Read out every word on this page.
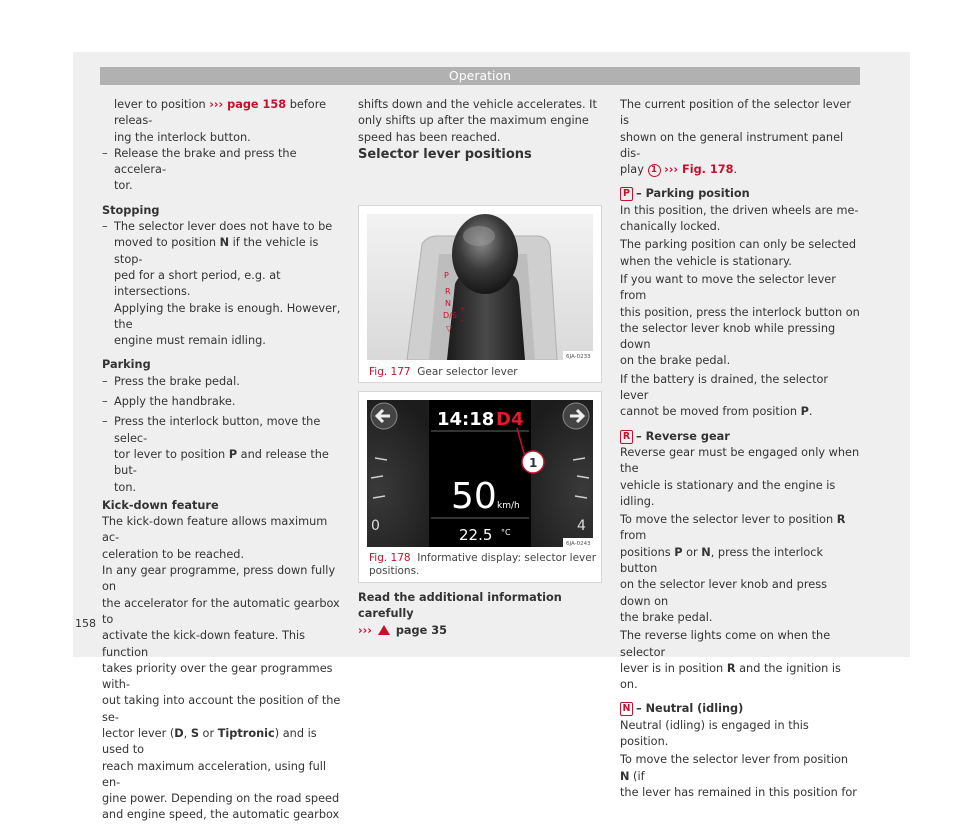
Operation

lever to position ››› page 158 before releas-

ing the interlock button.

– Release the brake and press the accelera-

tor.

Stopping

– The selector lever does not have to be

moved to position N if the vehicle is stop-

ped for a short period, e.g. at intersections.

Applying the brake is enough. However, the

engine must remain idling.

Parking

– Press the brake pedal.

– Apply the handbrake.

– Press the interlock button, move the selec-

tor lever to position P and release the but-

ton.

Kick-down feature

The kick-down feature allows maximum ac-

celeration to be reached.

In any gear programme, press down fully on

the accelerator for the automatic gearbox to

activate the kick-down feature. This function

takes priority over the gear programmes with-

out taking into account the position of the se-

lector lever (D, S or Tiptronic) and is used to

reach maximum acceleration, using full en-

gine power. Depending on the road speed

and engine speed, the automatic gearbox

shifts down and the vehicle accelerates. It

only shifts up after the maximum engine

speed has been reached.

Selector lever positions

P
R
N
D/S
▽
+
–
6JA-0233
Fig. 177 Gear selector lever
0	4
14:18 D4
1
50 km/h
22.5 °C
6JA-0243
Fig. 178 Informative display: selector lever
positions.

Read the additional information carefully

››› page 35

The current position of the selector lever is

shown on the general instrument panel dis-

play 1 ››› Fig. 178.

P – Parking position

In this position, the driven wheels are me-

chanically locked.

The parking position can only be selected

when the vehicle is stationary.

If you want to move the selector lever from

this position, press the interlock button on

the selector lever knob while pressing down

on the brake pedal.

If the battery is drained, the selector lever

cannot be moved from position P.

R – Reverse gear

Reverse gear must be engaged only when the

vehicle is stationary and the engine is idling.

To move the selector lever to position R from

positions P or N, press the interlock button

on the selector lever knob and press down on

the brake pedal.

The reverse lights come on when the selector

lever is in position R and the ignition is on.

N – Neutral (idling)

Neutral (idling) is engaged in this position.

To move the selector lever from position N (if

the lever has remained in this position for

158
